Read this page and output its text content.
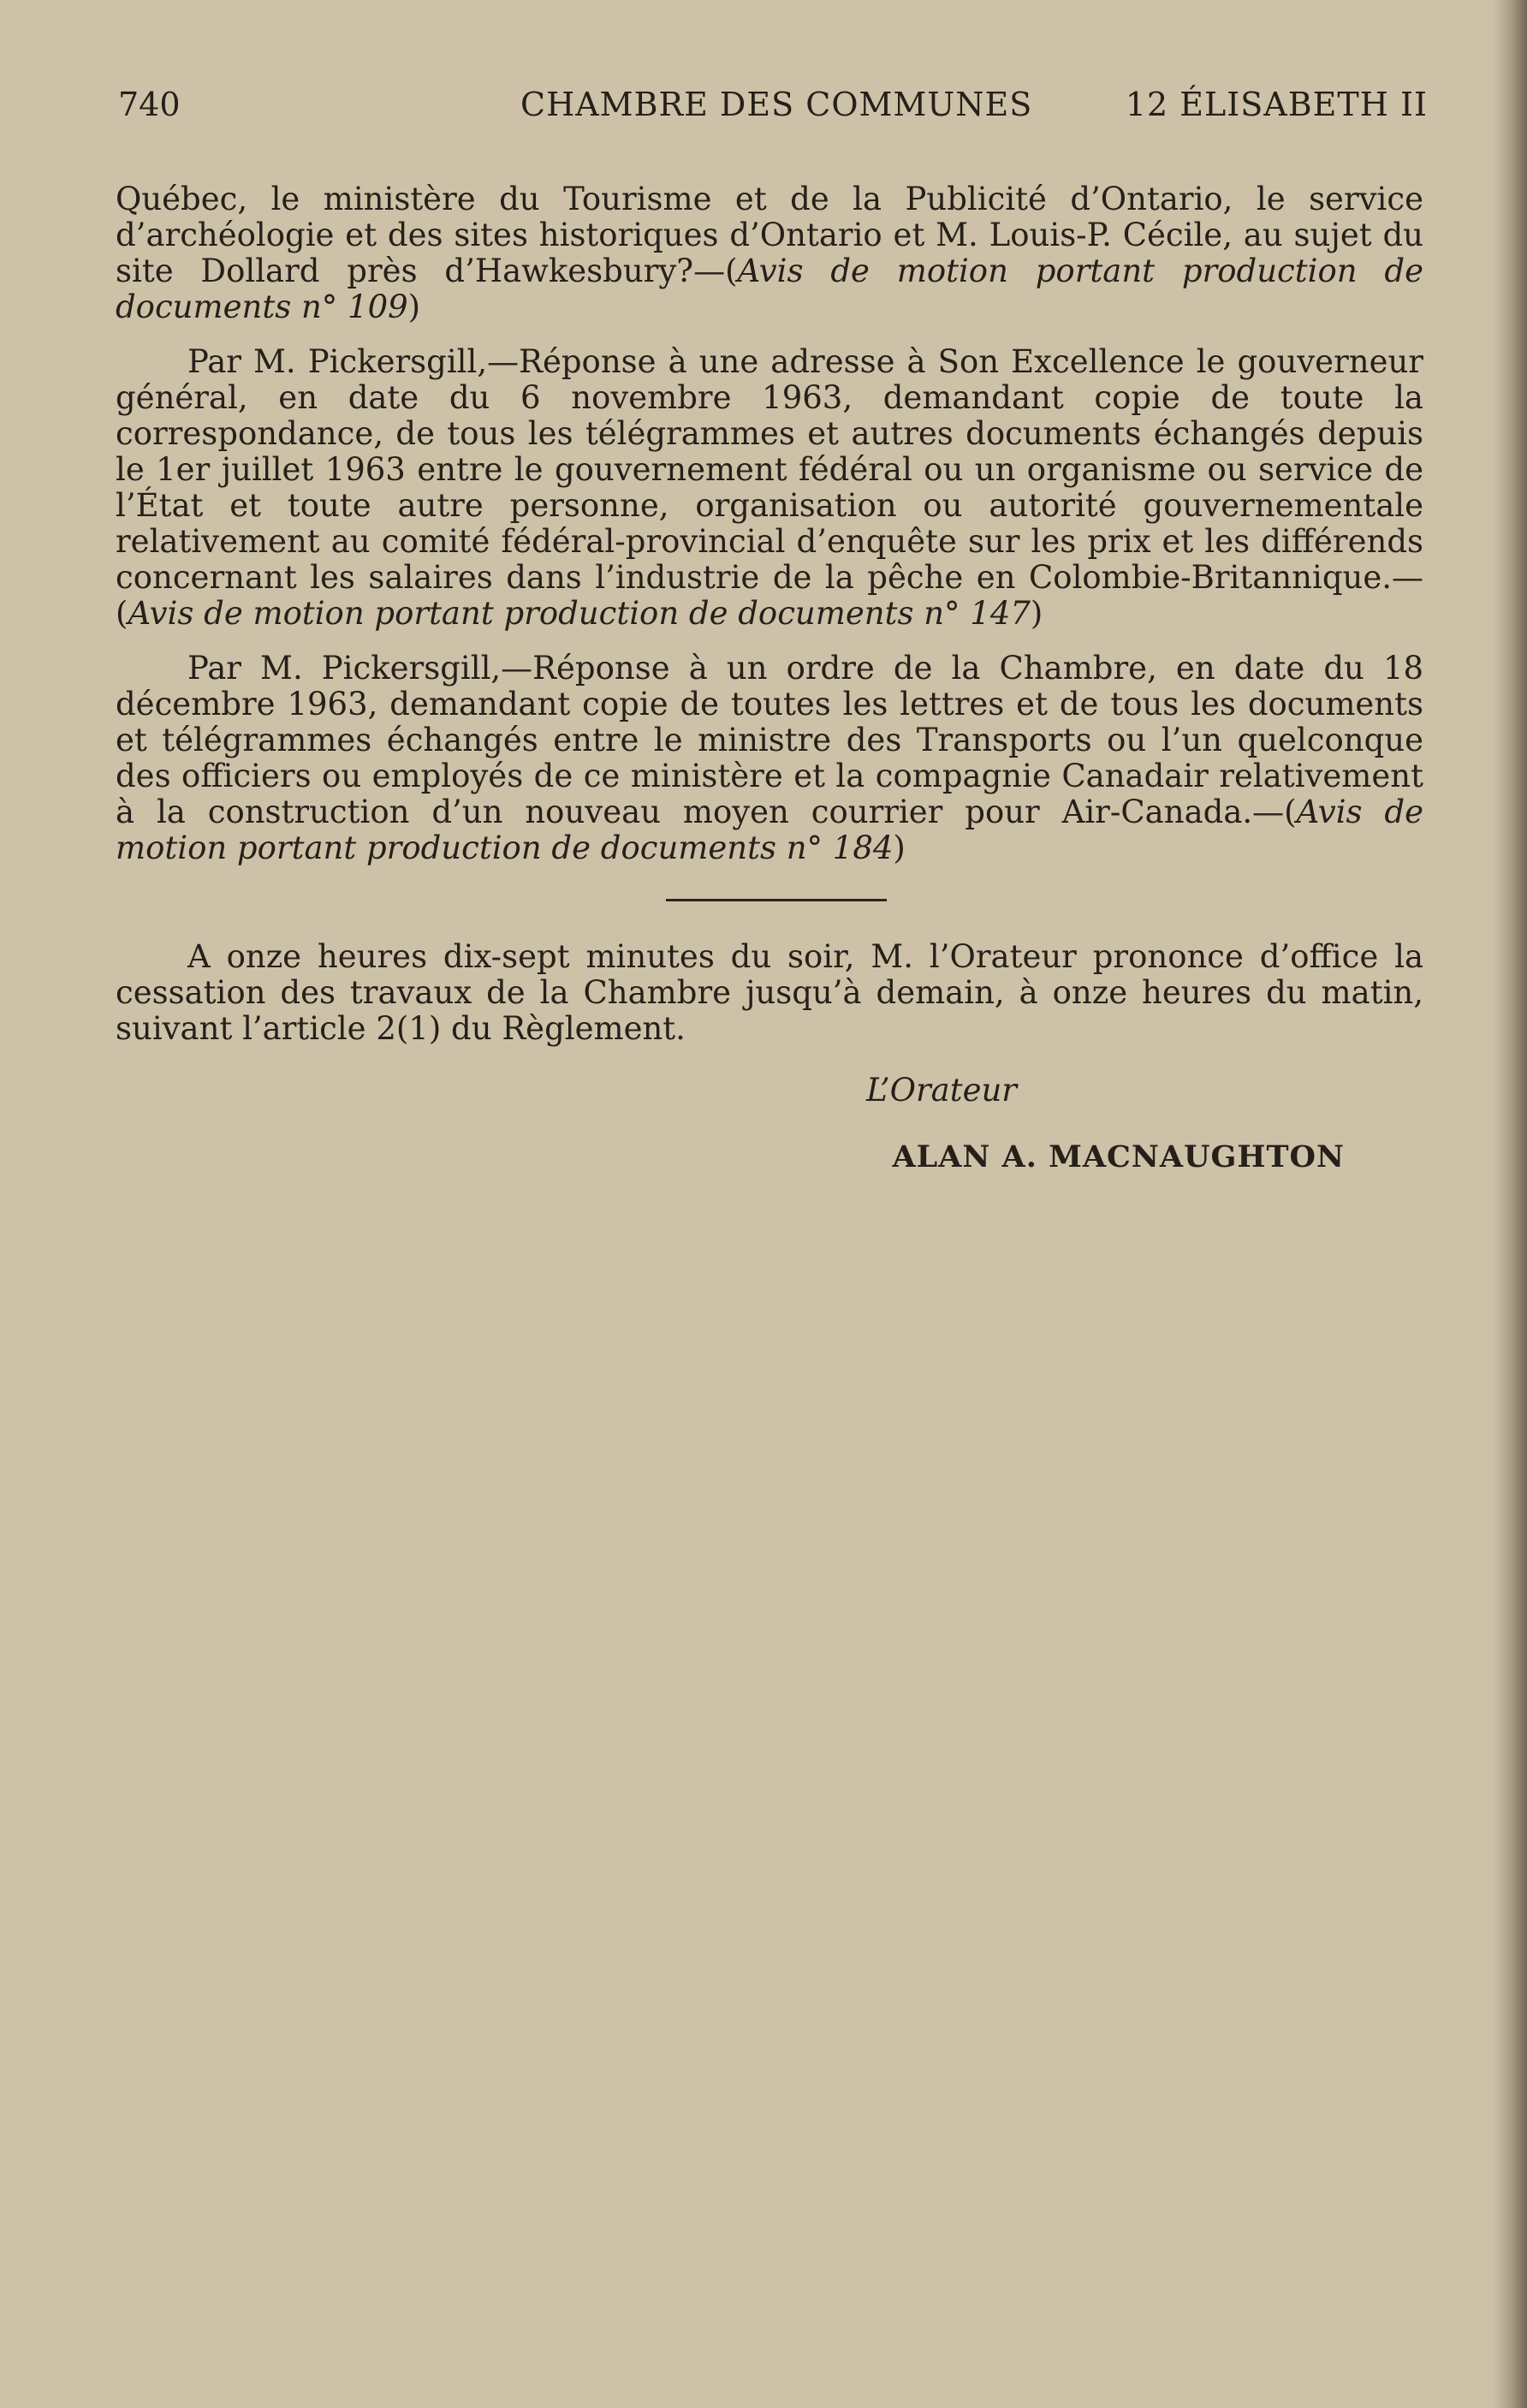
740	CHAMBRE DES COMMUNES	12 ÉLISABETH II

Québec, le ministère du Tourisme et de la Publicité d’Ontario, le service d’archéologie et des sites historiques d’Ontario et M. Louis-P. Cécile, au sujet du site Dollard près d’Hawkesbury?—(Avis de motion portant production de documents n° 109)

Par M. Pickersgill,—Réponse à une adresse à Son Excellence le gouverneur général, en date du 6 novembre 1963, demandant copie de toute la correspondance, de tous les télégrammes et autres documents échangés depuis le 1er juillet 1963 entre le gouvernement fédéral ou un organisme ou service de l’État et toute autre personne, organisation ou autorité gouvernementale relativement au comité fédéral-provincial d’enquête sur les prix et les différends concernant les salaires dans l’industrie de la pêche en Colombie-Britannique.—(Avis de motion portant production de documents n° 147)

Par M. Pickersgill,—Réponse à un ordre de la Chambre, en date du 18 décembre 1963, demandant copie de toutes les lettres et de tous les documents et télégrammes échangés entre le ministre des Transports ou l’un quelconque des officiers ou employés de ce ministère et la compagnie Canadair relativement à la construction d’un nouveau moyen courrier pour Air-Canada.—(Avis de motion portant production de documents n° 184)

A onze heures dix-sept minutes du soir, M. l’Orateur prononce d’office la cessation des travaux de la Chambre jusqu’à demain, à onze heures du matin, suivant l’article 2(1) du Règlement.

L’Orateur
ALAN A. MACNAUGHTON
